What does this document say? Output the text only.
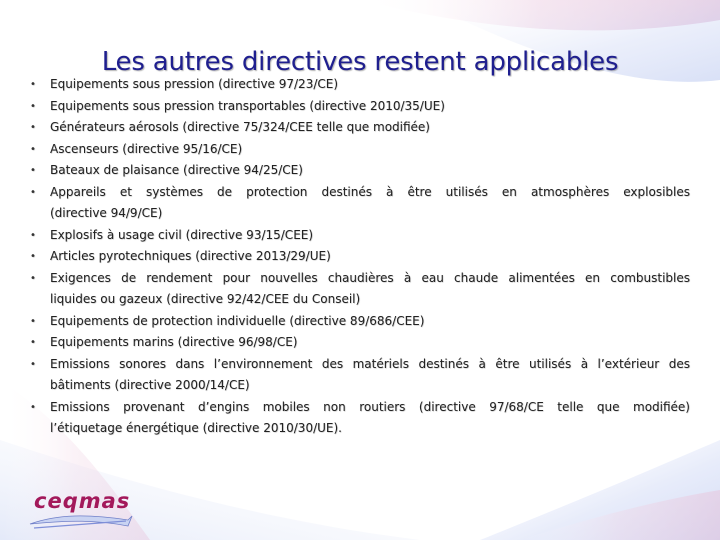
Les autres directives restent applicables
• Equipements sous pression (directive 97/23/CE)
• Equipements sous pression transportables (directive 2010/35/UE)
• Générateurs aérosols (directive 75/324/CEE telle que modifiée)
• Ascenseurs (directive 95/16/CE)
• Bateaux de plaisance (directive 94/25/CE)
• Appareils et systèmes de protection destinés à être utilisés en atmosphères explosibles
(directive 94/9/CE)
• Explosifs à usage civil (directive 93/15/CEE)
• Articles pyrotechniques (directive 2013/29/UE)
• Exigences de rendement pour nouvelles chaudières à eau chaude alimentées en combustibles
liquides ou gazeux (directive 92/42/CEE du Conseil)
• Equipements de protection individuelle (directive 89/686/CEE)
• Equipements marins (directive 96/98/CE)
• Emissions sonores dans l’environnement des matériels destinés à être utilisés à l’extérieur des
bâtiments (directive 2000/14/CE)
• Emissions provenant d’engins mobiles non routiers (directive 97/68/CE telle que modifiée)
l’étiquetage énergétique (directive 2010/30/UE).
ceqmas
